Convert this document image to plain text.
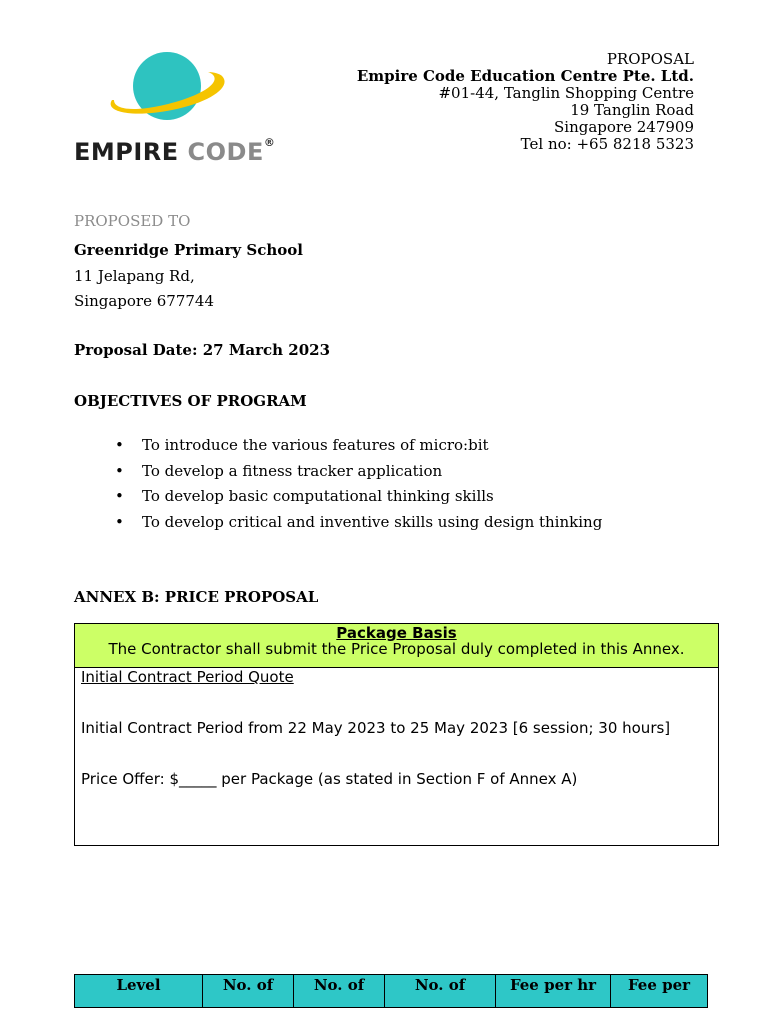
EMPIRE CODE®
PROPOSAL
Empire Code Education Centre Pte. Ltd.
#01-44, Tanglin Shopping Centre
19 Tanglin Road
Singapore 247909
Tel no: +65 8218 5323
PROPOSED TO
Greenridge Primary School
11 Jelapang Rd,
Singapore 677744
Proposal Date: 27 March 2023
OBJECTIVES OF PROGRAM
• To introduce the various features of micro:bit
• To develop a fitness tracker application
• To develop basic computational thinking skills
• To develop critical and inventive skills using design thinking
ANNEX B: PRICE PROPOSAL
Package Basis
The Contractor shall submit the Price Proposal duly completed in this Annex.

Initial Contract Period Quote

Initial Contract Period from 22 May 2023 to 25 May 2023 [6 session; 30 hours]

Price Offer: $_____ per Package (as stated in Section F of Annex A)

Level	No. of	No. of	No. of	Fee per hr	Fee per
